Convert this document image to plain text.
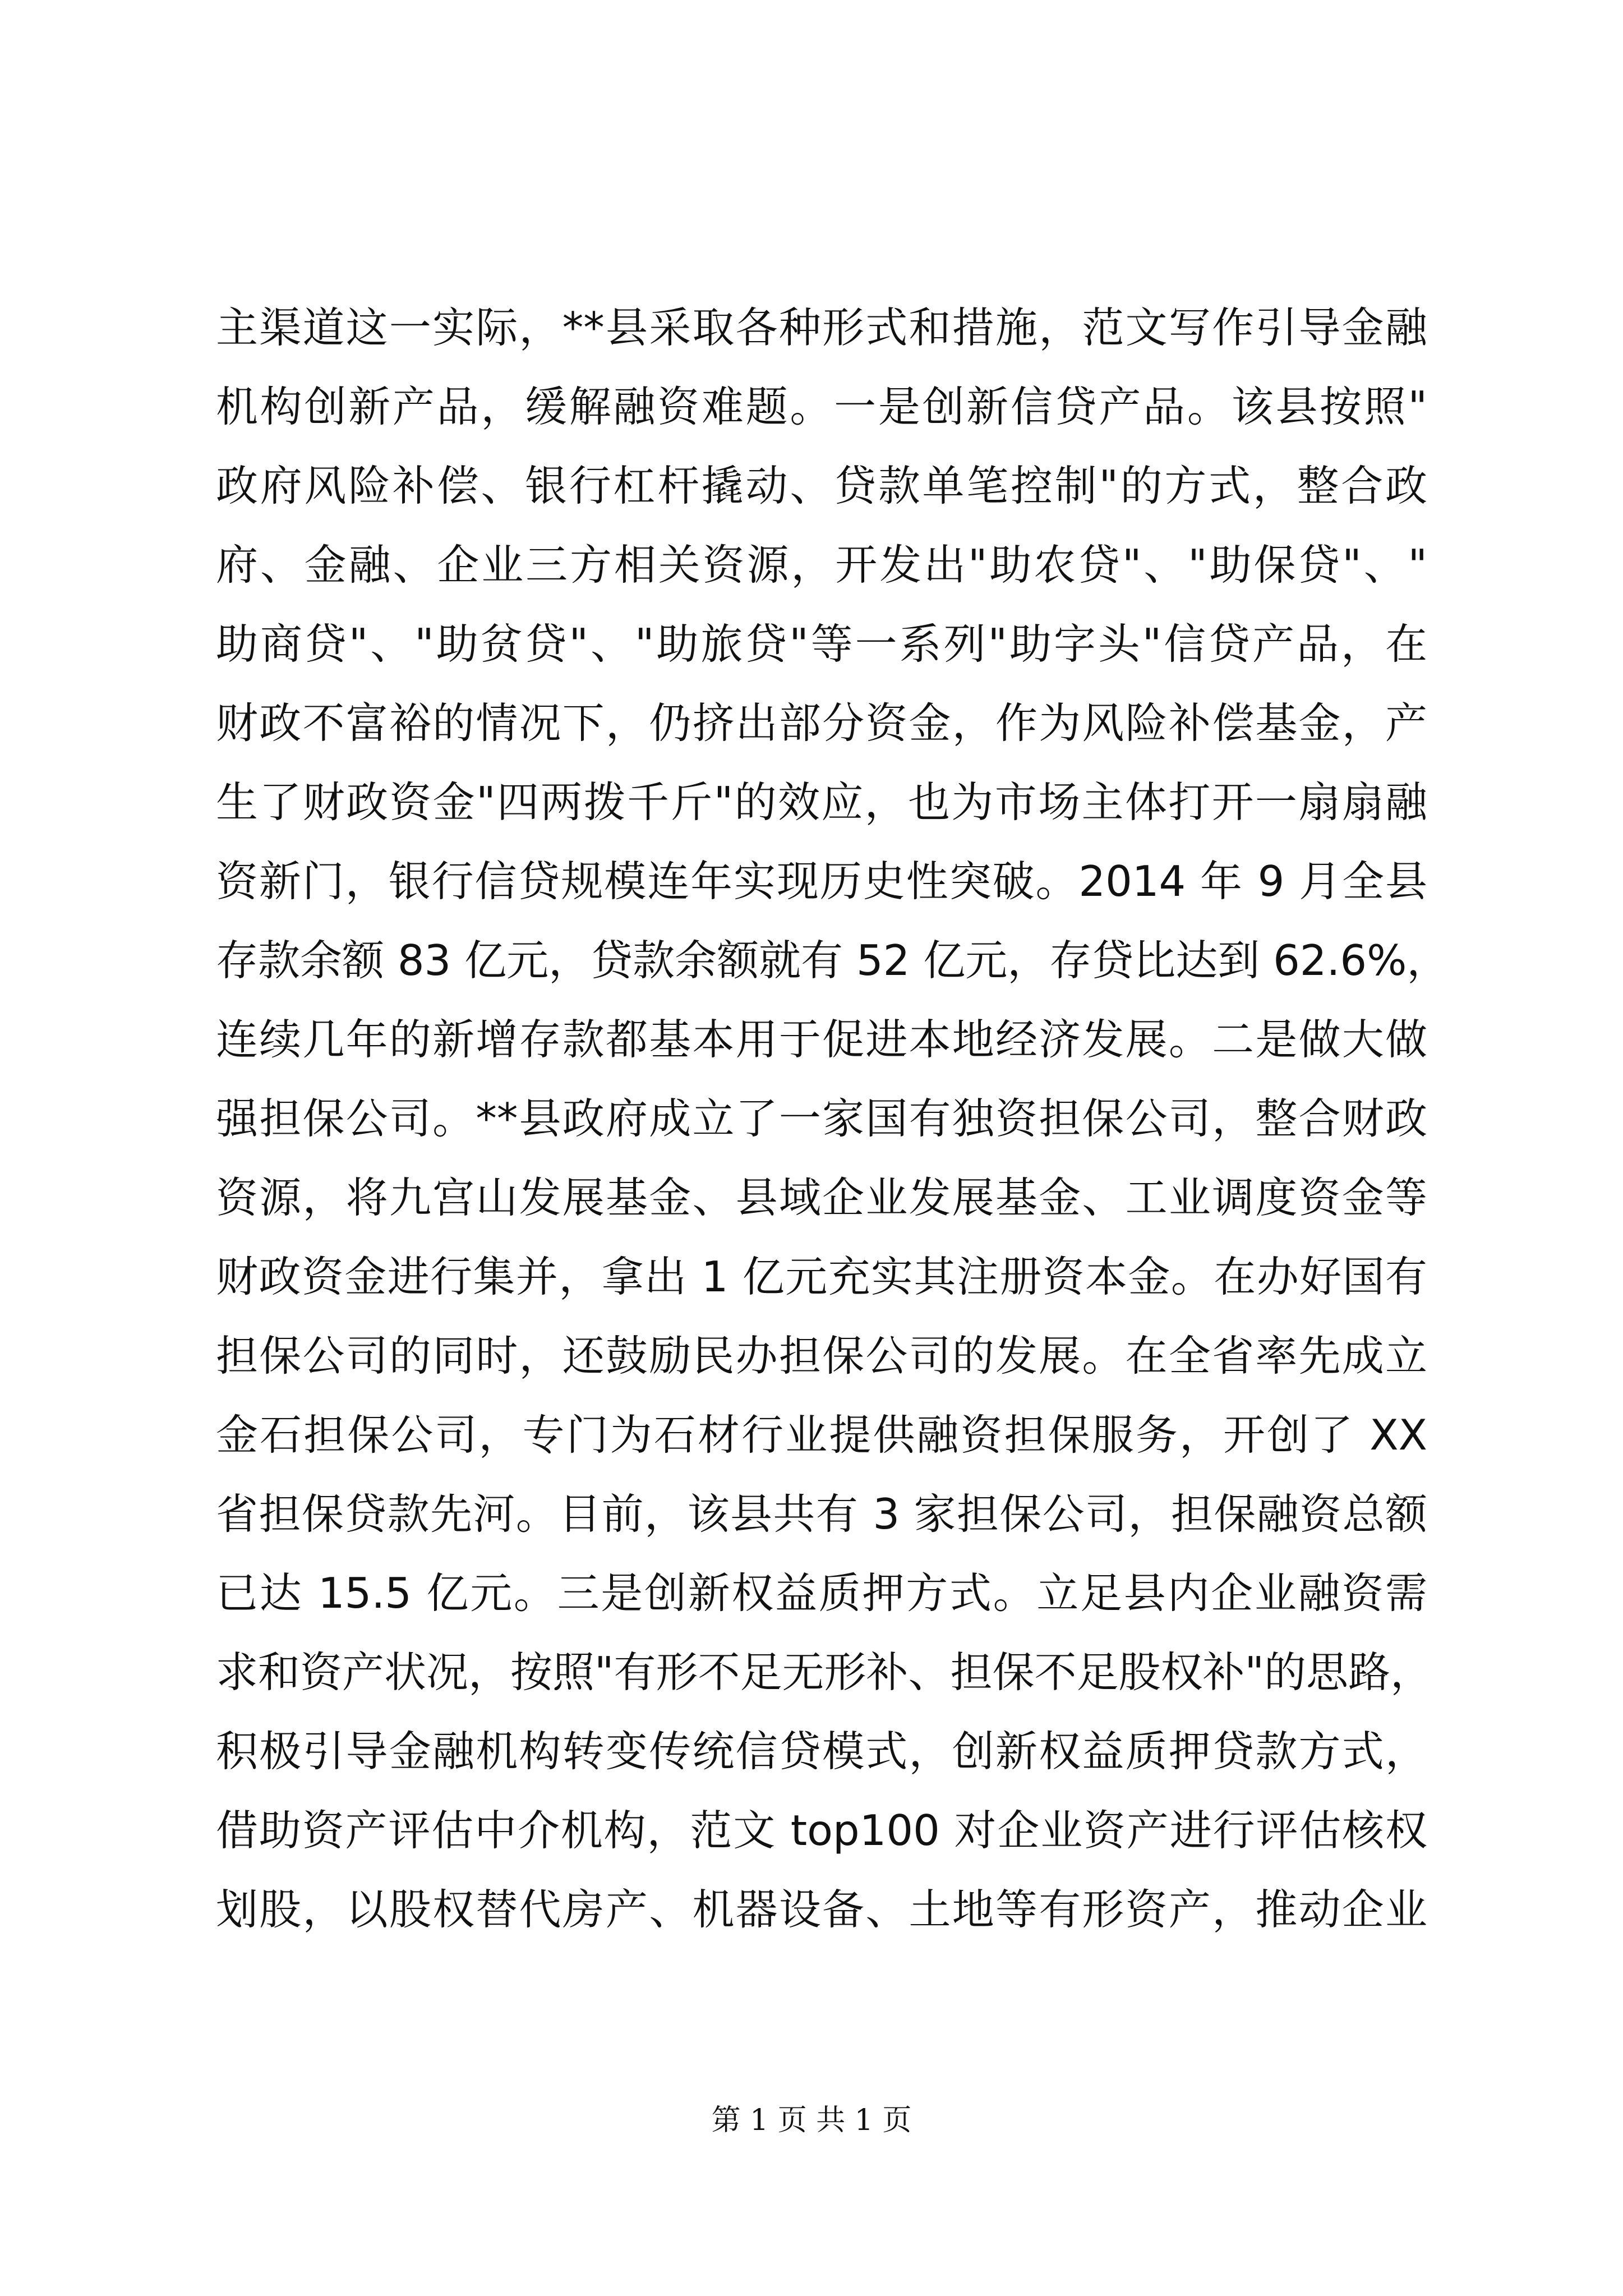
主渠道这一实际，**县采取各种形式和措施，范文写作引导金融
机构创新产品，缓解融资难题。一是创新信贷产品。该县按照"
政府风险补偿、银行杠杆撬动、贷款单笔控制"的方式，整合政
府、金融、企业三方相关资源，开发出"助农贷"、"助保贷"、"
助商贷"、"助贫贷"、"助旅贷"等一系列"助字头"信贷产品，在
财政不富裕的情况下，仍挤出部分资金，作为风险补偿基金，产
生了财政资金"四两拨千斤"的效应，也为市场主体打开一扇扇融
资新门，银行信贷规模连年实现历史性突破。2014 年 9 月全县
存款余额 83 亿元，贷款余额就有 52 亿元，存贷比达到 62.6%，
连续几年的新增存款都基本用于促进本地经济发展。二是做大做
强担保公司。**县政府成立了一家国有独资担保公司，整合财政
资源，将九宫山发展基金、县域企业发展基金、工业调度资金等
财政资金进行集并，拿出 1 亿元充实其注册资本金。在办好国有
担保公司的同时，还鼓励民办担保公司的发展。在全省率先成立
金石担保公司，专门为石材行业提供融资担保服务，开创了 XX
省担保贷款先河。目前，该县共有 3 家担保公司，担保融资总额
已达 15.5 亿元。三是创新权益质押方式。立足县内企业融资需
求和资产状况，按照"有形不足无形补、担保不足股权补"的思路，
积极引导金融机构转变传统信贷模式，创新权益质押贷款方式，
借助资产评估中介机构，范文 top100 对企业资产进行评估核权
划股，以股权替代房产、机器设备、土地等有形资产，推动企业
第 1 页 共 1 页
